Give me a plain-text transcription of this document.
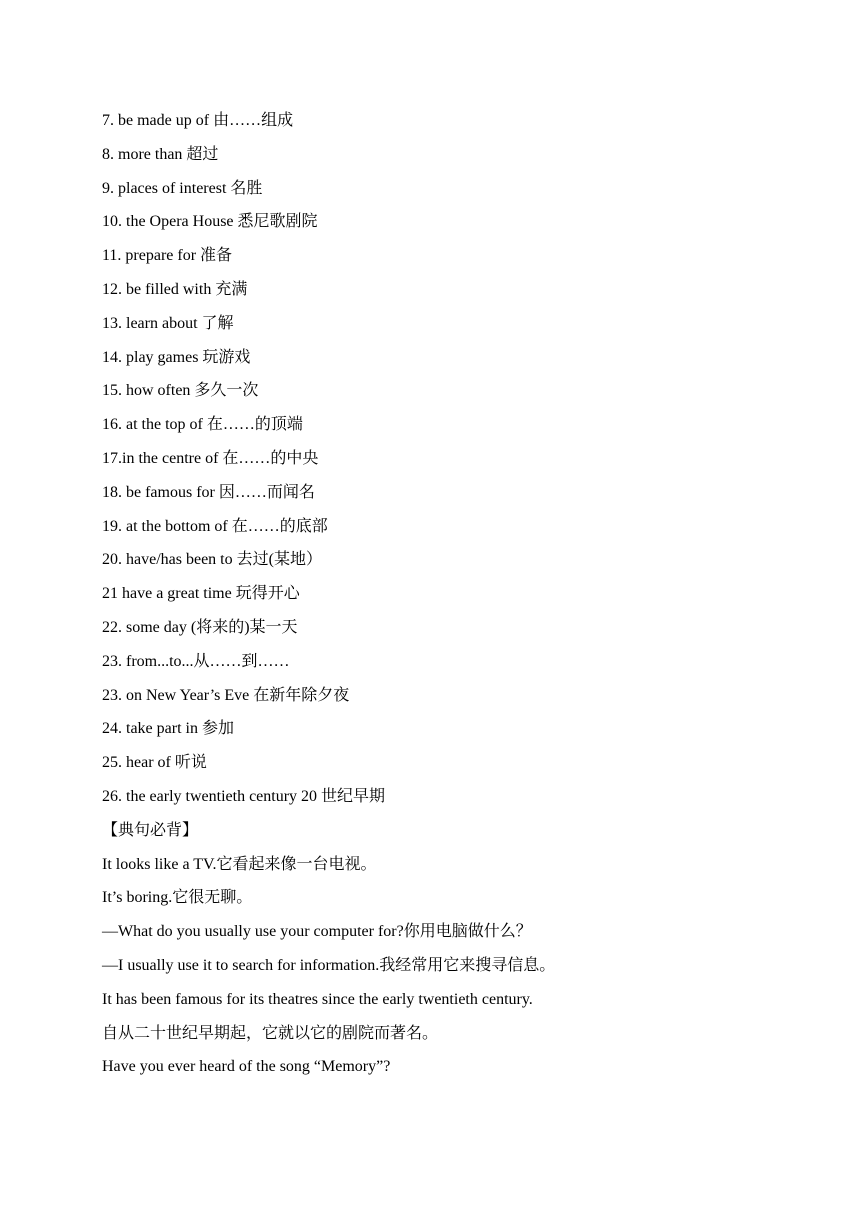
7. be made up of 由……组成
8. more than 超过
9. places of interest 名胜
10. the Opera House 悉尼歌剧院
11. prepare for 准备
12. be filled with 充满
13. learn about 了解
14. play games 玩游戏
15. how often 多久一次
16. at the top of 在……的顶端
17.in the centre of 在……的中央
18. be famous for 因……而闻名
19. at the bottom of 在……的底部
20. have/has been to 去过(某地）
21 have a great time 玩得开心
22. some day (将来的)某一天
23. from...to...从……到……
23. on New Year’s Eve 在新年除夕夜
24. take part in 参加
25. hear of 听说
26. the early twentieth century 20 世纪早期
【典句必背】
It looks like a TV.它看起来像一台电视。
It’s boring.它很无聊。
—What do you usually use your computer for?你用电脑做什么？
—I usually use it to search for information.我经常用它来搜寻信息。
It has been famous for its theatres since the early twentieth century.
自从二十世纪早期起，它就以它的剧院而著名。
Have you ever heard of the song “Memory”?
